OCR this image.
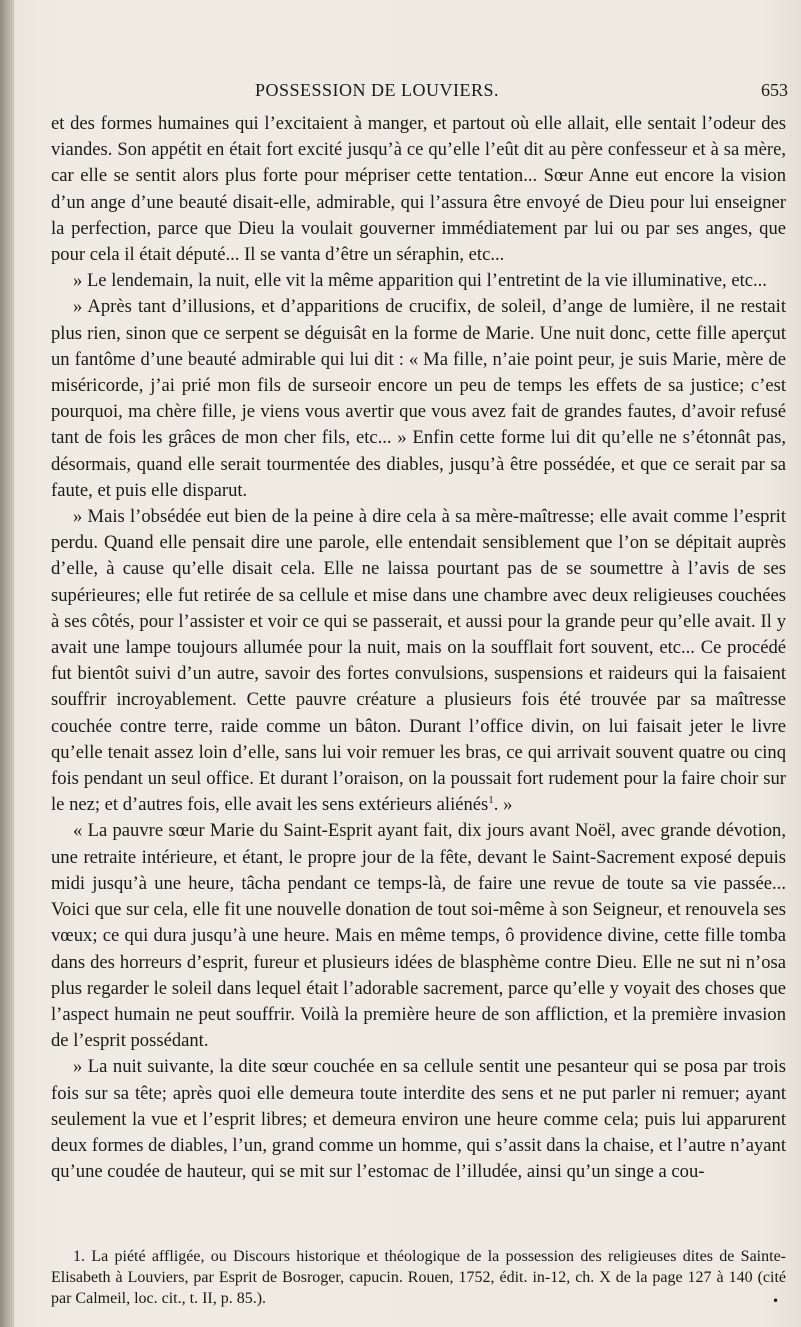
POSSESSION DE LOUVIERS.	653

et des formes humaines qui l’excitaient à manger, et partout où elle allait, elle sentait l’odeur des viandes. Son appétit en était fort excité jusqu’à ce qu’elle l’eût dit au père confesseur et à sa mère, car elle se sentit alors plus forte pour mépriser cette tentation... Sœur Anne eut encore la vision d’un ange d’une beauté disait-elle, admirable, qui l’assura être envoyé de Dieu pour lui enseigner la perfection, parce que Dieu la voulait gouverner immédiatement par lui ou par ses anges, que pour cela il était député... Il se vanta d’être un séraphin, etc...

» Le lendemain, la nuit, elle vit la même apparition qui l’entretint de la vie illuminative, etc...

» Après tant d’illusions, et d’apparitions de crucifix, de soleil, d’ange de lumière, il ne restait plus rien, sinon que ce serpent se déguisât en la forme de Marie. Une nuit donc, cette fille aperçut un fantôme d’une beauté admirable qui lui dit : « Ma fille, n’aie point peur, je suis Marie, mère de miséricorde, j’ai prié mon fils de surseoir encore un peu de temps les effets de sa justice; c’est pourquoi, ma chère fille, je viens vous avertir que vous avez fait de grandes fautes, d’avoir refusé tant de fois les grâces de mon cher fils, etc... » Enfin cette forme lui dit qu’elle ne s’étonnât pas, désormais, quand elle serait tourmentée des diables, jusqu’à être possédée, et que ce serait par sa faute, et puis elle disparut.

» Mais l’obsédée eut bien de la peine à dire cela à sa mère-maîtresse; elle avait comme l’esprit perdu. Quand elle pensait dire une parole, elle entendait sensiblement que l’on se dépitait auprès d’elle, à cause qu’elle disait cela. Elle ne laissa pourtant pas de se soumettre à l’avis de ses supérieures; elle fut retirée de sa cellule et mise dans une chambre avec deux religieuses couchées à ses côtés, pour l’assister et voir ce qui se passerait, et aussi pour la grande peur qu’elle avait. Il y avait une lampe toujours allumée pour la nuit, mais on la soufflait fort souvent, etc... Ce procédé fut bientôt suivi d’un autre, savoir des fortes convulsions, suspensions et raideurs qui la faisaient souffrir incroyablement. Cette pauvre créature a plusieurs fois été trouvée par sa maîtresse couchée contre terre, raide comme un bâton. Durant l’office divin, on lui faisait jeter le livre qu’elle tenait assez loin d’elle, sans lui voir remuer les bras, ce qui arrivait souvent quatre ou cinq fois pendant un seul office. Et durant l’oraison, on la poussait fort rudement pour la faire choir sur le nez; et d’autres fois, elle avait les sens extérieurs aliénés$^1$. »

« La pauvre sœur Marie du Saint-Esprit ayant fait, dix jours avant Noël, avec grande dévotion, une retraite intérieure, et étant, le propre jour de la fête, devant le Saint-Sacrement exposé depuis midi jusqu’à une heure, tâcha pendant ce temps-là, de faire une revue de toute sa vie passée... Voici que sur cela, elle fit une nouvelle donation de tout soi-même à son Seigneur, et renouvela ses vœux; ce qui dura jusqu’à une heure. Mais en même temps, ô providence divine, cette fille tomba dans des horreurs d’esprit, fureur et plusieurs idées de blasphème contre Dieu. Elle ne sut ni n’osa plus regarder le soleil dans lequel était l’adorable sacrement, parce qu’elle y voyait des choses que l’aspect humain ne peut souffrir. Voilà la première heure de son affliction, et la première invasion de l’esprit possédant.

» La nuit suivante, la dite sœur couchée en sa cellule sentit une pesanteur qui se posa par trois fois sur sa tête; après quoi elle demeura toute interdite des sens et ne put parler ni remuer; ayant seulement la vue et l’esprit libres; et demeura environ une heure comme cela; puis lui apparurent deux formes de diables, l’un, grand comme un homme, qui s’assit dans la chaise, et l’autre n’ayant qu’une coudée de hauteur, qui se mit sur l’estomac de l’illudée, ainsi qu’un singe a cou-

1. La piété affligée, ou Discours historique et théologique de la possession des religieuses dites de Sainte-Elisabeth à Louviers, par Esprit de Bosroger, capucin. Rouen, 1752, édit. in-12, ch. X de la page 127 à 140 (cité par Calmeil, loc. cit., t. II, p. 85.).	•
